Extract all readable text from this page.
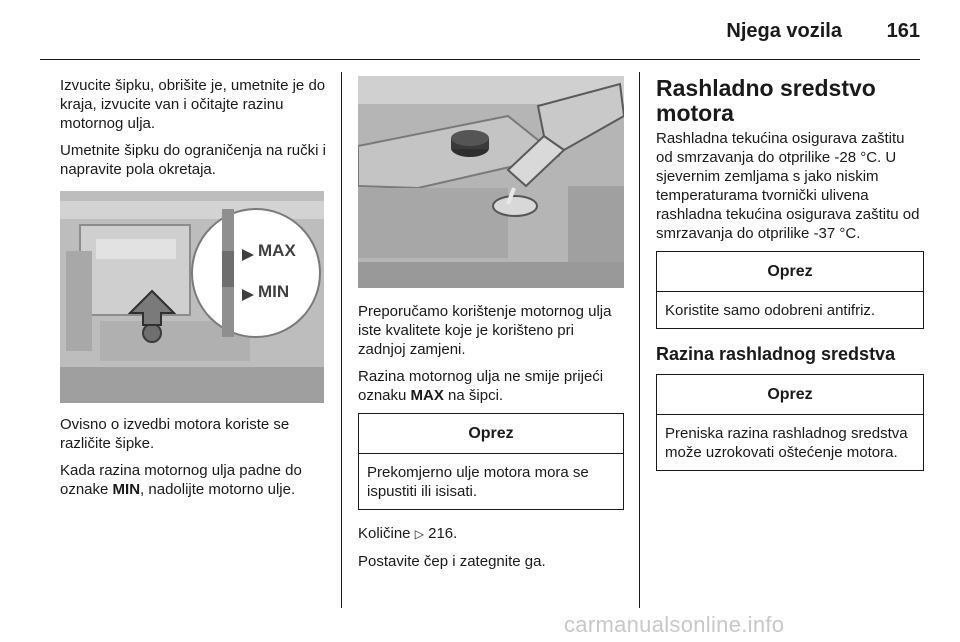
Njega vozila 161

Izvucite šipku, obrišite je, umetnite je do kraja, izvucite van i očitajte razinu motornog ulja.

Umetnite šipku do ograničenja na ručki i napravite pola okretaja.

MAX
MIN

Ovisno o izvedbi motora koriste se različite šipke.

Kada razina motornog ulja padne do oznake MIN, nadolijte motorno ulje.

Preporučamo korištenje motornog ulja iste kvalitete koje je korišteno pri zadnjoj zamjeni.

Razina motornog ulja ne smije prijeći oznaku MAX na šipci.

Oprez
Prekomjerno ulje motora mora se ispustiti ili isisati.

Količine ▷ 216.

Postavite čep i zategnite ga.

Rashladno sredstvo motora

Rashladna tekućina osigurava zaštitu od smrzavanja do otprilike -28 °C. U sjevernim zemljama s jako niskim temperaturama tvornički ulivena rashladna tekućina osigurava zaštitu od smrzavanja do otprilike -37 °C.

Oprez
Koristite samo odobreni antifriz.
Razina rashladnog sredstva
Oprez
Preniska razina rashladnog sredstva može uzrokovati oštećenje motora.
carmanualsonline.info
